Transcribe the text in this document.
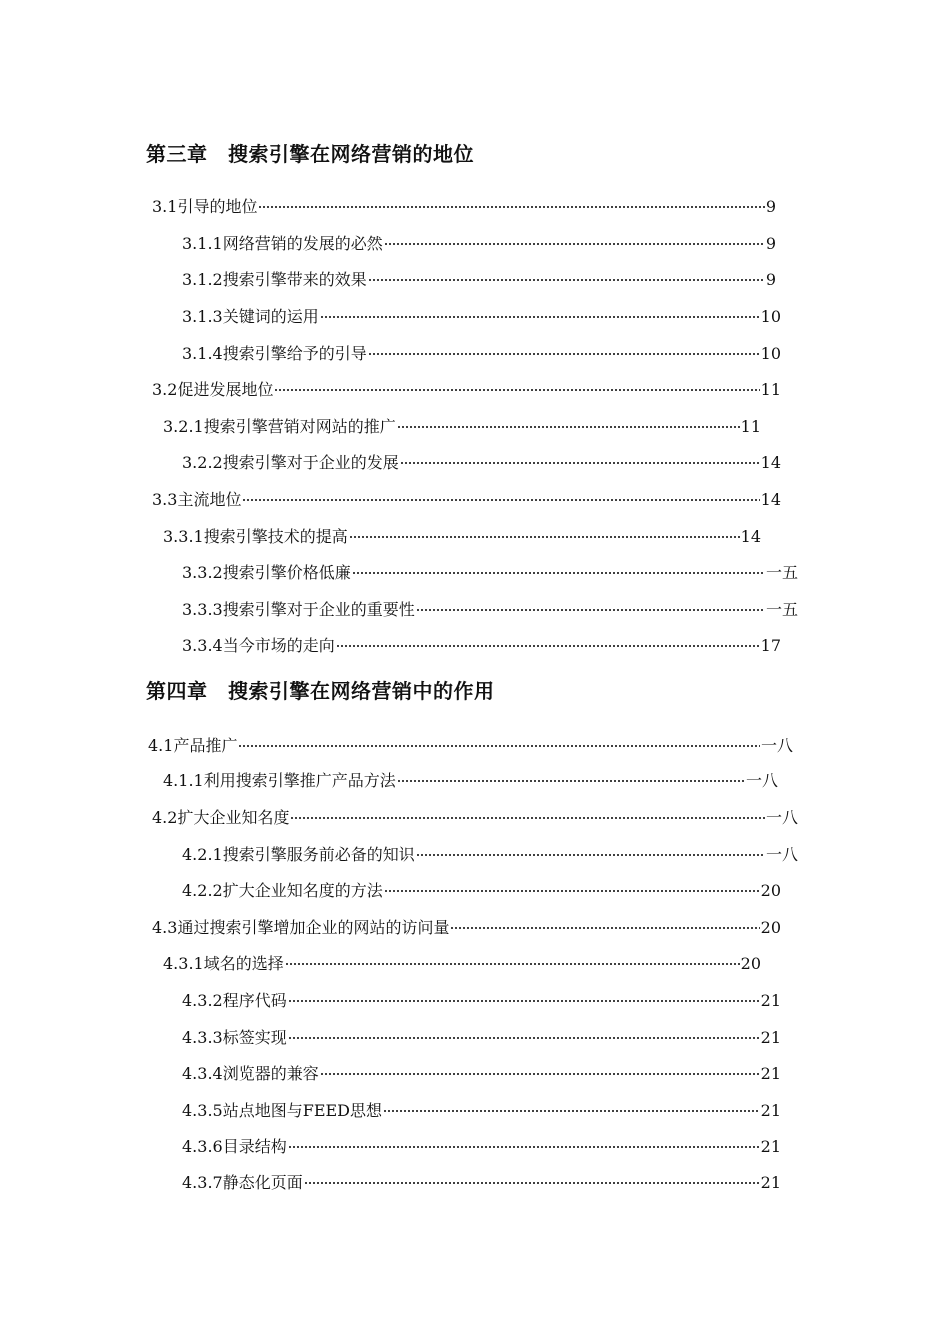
第三章　搜索引擎在网络营销的地位
3.1引导的地位	9
3.1.1网络营销的发展的必然	9
3.1.2搜索引擎带来的效果	9
3.1.3关键词的运用	10
3.1.4搜索引擎给予的引导	10
3.2促进发展地位	11
3.2.1搜索引擎营销对网站的推广	11
3.2.2搜索引擎对于企业的发展	14
3.3主流地位	14
3.3.1搜索引擎技术的提高	14
3.3.2搜索引擎价格低廉	一五
3.3.3搜索引擎对于企业的重要性	一五
3.3.4当今市场的走向	17
第四章　搜索引擎在网络营销中的作用
4.1产品推广	一八
4.1.1利用搜索引擎推广产品方法	一八
4.2扩大企业知名度	一八
4.2.1搜索引擎服务前必备的知识	一八
4.2.2扩大企业知名度的方法	20
4.3通过搜索引擎增加企业的网站的访问量	20
4.3.1域名的选择	20
4.3.2程序代码	21
4.3.3标签实现	21
4.3.4浏览器的兼容	21
4.3.5站点地图与FEED思想	21
4.3.6目录结构	21
4.3.7静态化页面	21
